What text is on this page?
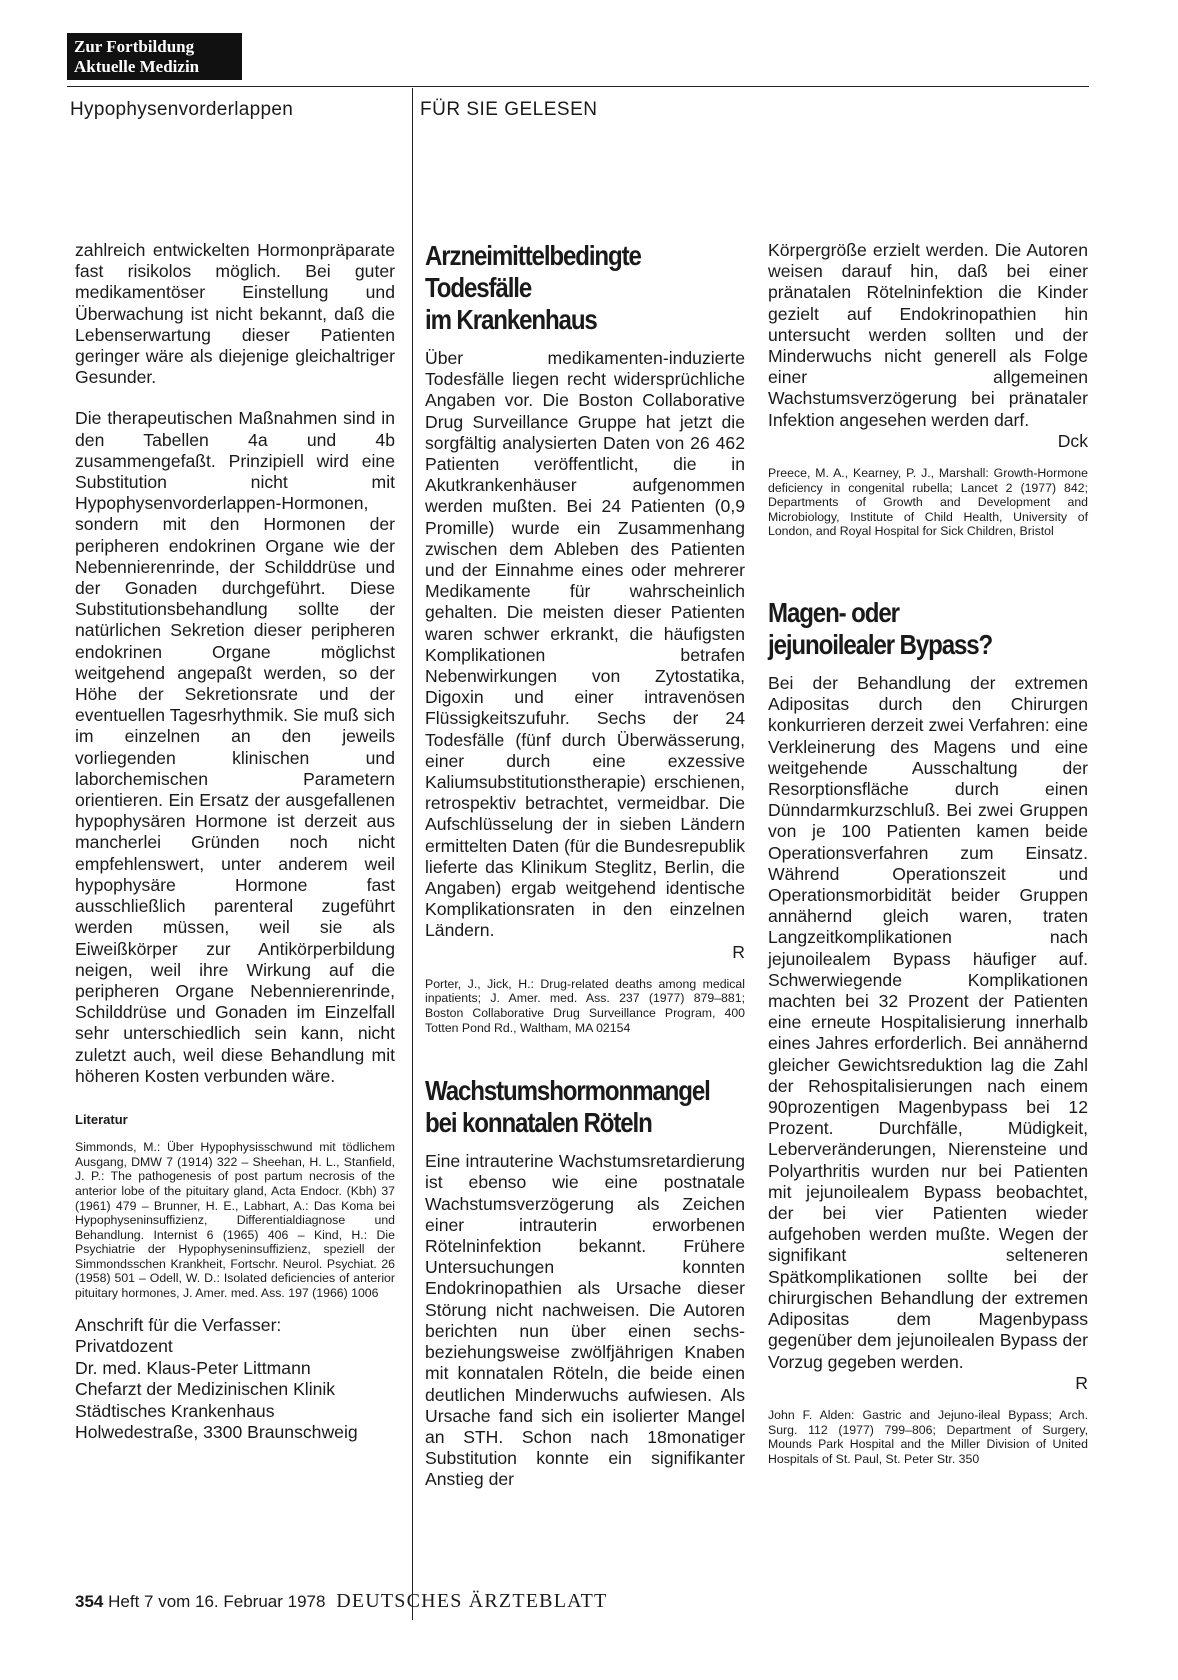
Zur Fortbildung
Aktuelle Medizin
Hypophysenvorderlappen	FÜR SIE GELESEN

zahlreich entwickelten Hormonpräparate fast risikolos möglich. Bei guter medikamentöser Einstellung und Überwachung ist nicht bekannt, daß die Lebenserwartung dieser Patienten geringer wäre als diejenige gleichaltriger Gesunder.

Die therapeutischen Maßnahmen sind in den Tabellen 4a und 4b zusammengefaßt. Prinzipiell wird eine Substitution nicht mit Hypophysenvorderlappen-Hormonen, sondern mit den Hormonen der peripheren endokrinen Organe wie der Nebennierenrinde, der Schilddrüse und der Gonaden durchgeführt. Diese Substitutionsbehandlung sollte der natürlichen Sekretion dieser peripheren endokrinen Organe möglichst weitgehend angepaßt werden, so der Höhe der Sekretionsrate und der eventuellen Tagesrhythmik. Sie muß sich im einzelnen an den jeweils vorliegenden klinischen und laborchemischen Parametern orientieren. Ein Ersatz der ausgefallenen hypophysären Hormone ist derzeit aus mancherlei Gründen noch nicht empfehlenswert, unter anderem weil hypophysäre Hormone fast ausschließlich parenteral zugeführt werden müssen, weil sie als Eiweißkörper zur Antikörperbildung neigen, weil ihre Wirkung auf die peripheren Organe Nebennierenrinde, Schilddrüse und Gonaden im Einzelfall sehr unterschiedlich sein kann, nicht zuletzt auch, weil diese Behandlung mit höheren Kosten verbunden wäre.

Literatur

Simmonds, M.: Über Hypophysisschwund mit tödlichem Ausgang, DMW 7 (1914) 322 – Sheehan, H. L., Stanfield, J. P.: The pathogenesis of post partum necrosis of the anterior lobe of the pituitary gland, Acta Endocr. (Kbh) 37 (1961) 479 – Brunner, H. E., Labhart, A.: Das Koma bei Hypophyseninsuffizienz, Differentialdiagnose und Behandlung. Internist 6 (1965) 406 – Kind, H.: Die Psychiatrie der Hypophyseninsuffizienz, speziell der Simmondsschen Krankheit, Fortschr. Neurol. Psychiat. 26 (1958) 501 – Odell, W. D.: Isolated deficiencies of anterior pituitary hormones, J. Amer. med. Ass. 197 (1966) 1006

Anschrift für die Verfasser:
Privatdozent
Dr. med. Klaus-Peter Littmann
Chefarzt der Medizinischen Klinik
Städtisches Krankenhaus
Holwedestraße, 3300 Braunschweig
Arzneimittelbedingte
Todesfälle
im Krankenhaus

Über medikamenten-induzierte Todesfälle liegen recht widersprüchliche Angaben vor. Die Boston Collaborative Drug Surveillance Gruppe hat jetzt die sorgfältig analysierten Daten von 26 462 Patienten veröffentlicht, die in Akutkrankenhäuser aufgenommen werden mußten. Bei 24 Patienten (0,9 Promille) wurde ein Zusammenhang zwischen dem Ableben des Patienten und der Einnahme eines oder mehrerer Medikamente für wahrscheinlich gehalten. Die meisten dieser Patienten waren schwer erkrankt, die häufigsten Komplikationen betrafen Nebenwirkungen von Zytostatika, Digoxin und einer intravenösen Flüssigkeitszufuhr. Sechs der 24 Todesfälle (fünf durch Überwässerung, einer durch eine exzessive Kaliumsubstitutionstherapie) erschienen, retrospektiv betrachtet, vermeidbar. Die Aufschlüsselung der in sieben Ländern ermittelten Daten (für die Bundesrepublik lieferte das Klinikum Steglitz, Berlin, die Angaben) ergab weitgehend identische Komplikationsraten in den einzelnen Ländern.

R

Porter, J., Jick, H.: Drug-related deaths among medical inpatients; J. Amer. med. Ass. 237 (1977) 879–881; Boston Collaborative Drug Surveillance Program, 400 Totten Pond Rd., Waltham, MA 02154

Wachstumshormonmangel
bei konnatalen Röteln

Eine intrauterine Wachstumsretardierung ist ebenso wie eine postnatale Wachstumsverzögerung als Zeichen einer intrauterin erworbenen Rötelninfektion bekannt. Frühere Untersuchungen konnten Endokrinopathien als Ursache dieser Störung nicht nachweisen. Die Autoren berichten nun über einen sechs- beziehungsweise zwölfjährigen Knaben mit konnatalen Röteln, die beide einen deutlichen Minderwuchs aufwiesen. Als Ursache fand sich ein isolierter Mangel an STH. Schon nach 18monatiger Substitution konnte ein signifikanter Anstieg der

Körpergröße erzielt werden. Die Autoren weisen darauf hin, daß bei einer pränatalen Rötelninfektion die Kinder gezielt auf Endokrinopathien hin untersucht werden sollten und der Minderwuchs nicht generell als Folge einer allgemeinen Wachstumsverzögerung bei pränataler Infektion angesehen werden darf.

Dck

Preece, M. A., Kearney, P. J., Marshall: Growth-Hormone deficiency in congenital rubella; Lancet 2 (1977) 842; Departments of Growth and Development and Microbiology, Institute of Child Health, University of London, and Royal Hospital for Sick Children, Bristol

Magen- oder
jejunoilealer Bypass?

Bei der Behandlung der extremen Adipositas durch den Chirurgen konkurrieren derzeit zwei Verfahren: eine Verkleinerung des Magens und eine weitgehende Ausschaltung der Resorptionsfläche durch einen Dünndarmkurzschluß. Bei zwei Gruppen von je 100 Patienten kamen beide Operationsverfahren zum Einsatz. Während Operationszeit und Operationsmorbidität beider Gruppen annähernd gleich waren, traten Langzeitkomplikationen nach jejunoilealem Bypass häufiger auf. Schwerwiegende Komplikationen machten bei 32 Prozent der Patienten eine erneute Hospitalisierung innerhalb eines Jahres erforderlich. Bei annähernd gleicher Gewichtsreduktion lag die Zahl der Rehospitalisierungen nach einem 90prozentigen Magenbypass bei 12 Prozent. Durchfälle, Müdigkeit, Leberveränderungen, Nierensteine und Polyarthritis wurden nur bei Patienten mit jejunoilealem Bypass beobachtet, der bei vier Patienten wieder aufgehoben werden mußte. Wegen der signifikant selteneren Spätkomplikationen sollte bei der chirurgischen Behandlung der extremen Adipositas dem Magenbypass gegenüber dem jejunoilealen Bypass der Vorzug gegeben werden.

R

John F. Alden: Gastric and Jejuno-ileal Bypass; Arch. Surg. 112 (1977) 799–806; Department of Surgery, Mounds Park Hospital and the Miller Division of United Hospitals of St. Paul, St. Peter Str. 350

354 Heft 7 vom 16. Februar 1978 DEUTSCHES ÄRZTEBLATT
